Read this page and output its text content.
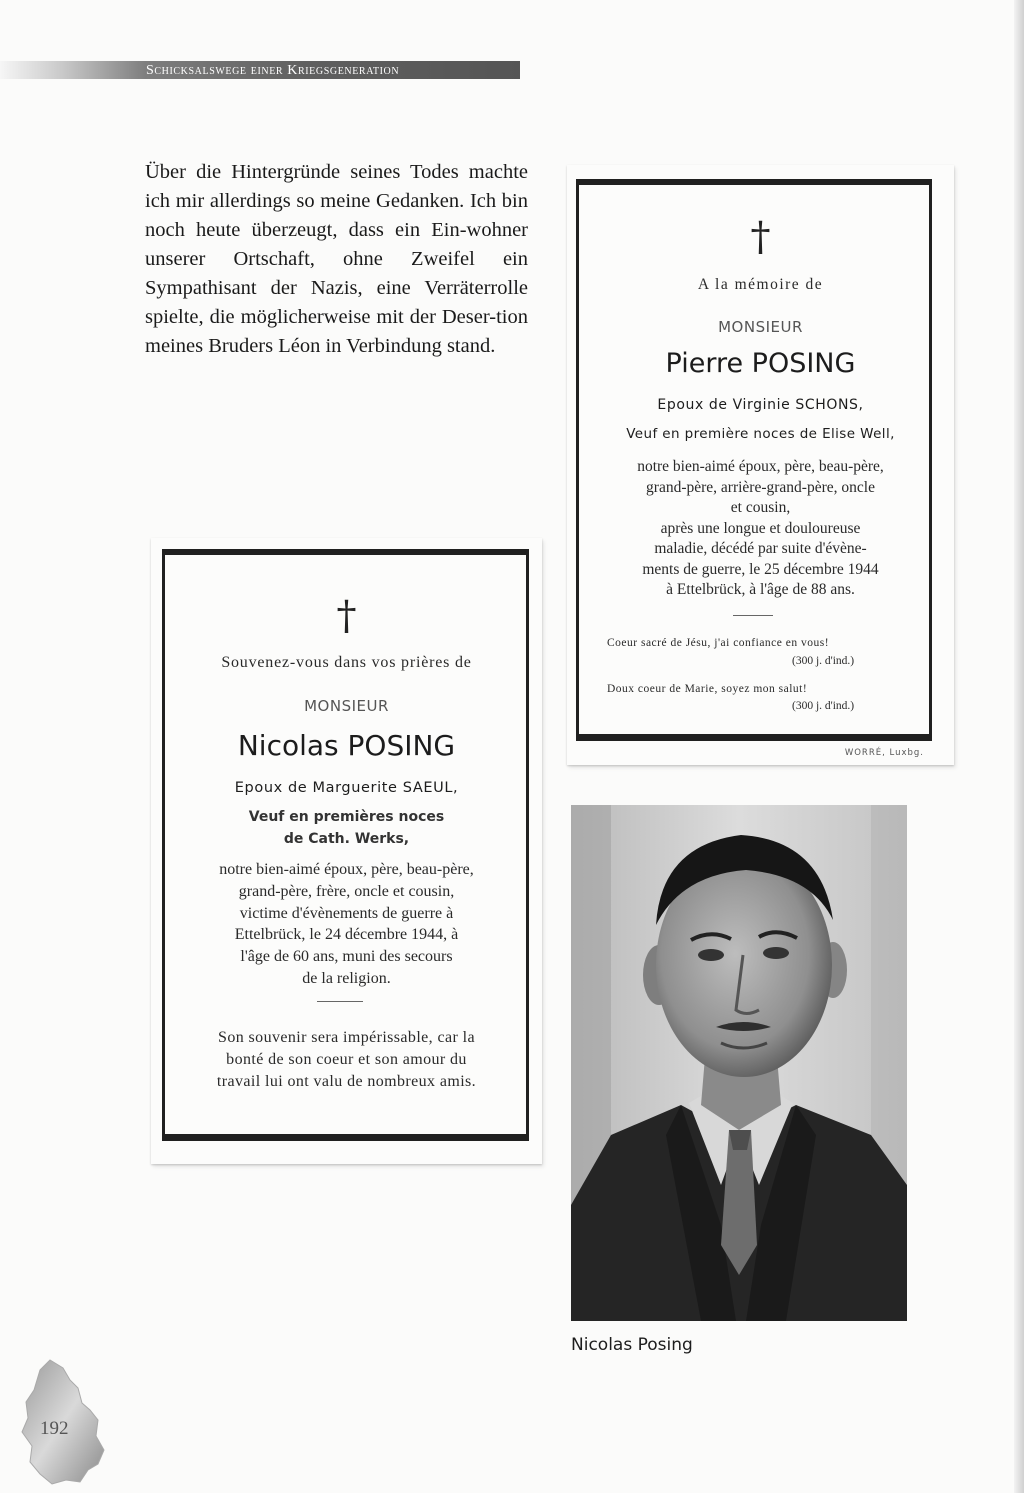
Schicksalswege einer Kriegsgeneration
Über die Hintergründe seines Todes machte ich mir allerdings so meine Gedanken. Ich bin noch heute überzeugt, dass ein Ein-wohner unserer Ortschaft, ohne Zweifel ein Sympathisant der Nazis, eine Verräterrolle spielte, die möglicherweise mit der Deser-tion meines Bruders Léon in Verbindung stand.
†
A la mémoire de
MONSIEUR
Pierre POSING
Epoux de Virginie SCHONS,
Veuf en première noces de Elise Well,
notre bien-aimé époux, père, beau-père,
grand-père, arrière-grand-père, oncle
et cousin,
après une longue et douloureuse
maladie, décédé par suite d'évène-
ments de guerre, le 25 décembre 1944
à Ettelbrück, à l'âge de 88 ans.
Coeur sacré de Jésu, j'ai confiance en vous!
(300 j. d'ind.)
Doux coeur de Marie, soyez mon salut!
(300 j. d'ind.)
WORRÉ, Luxbg.
†
Souvenez-vous dans vos prières de
MONSIEUR
Nicolas POSING
Epoux de Marguerite SAEUL,
Veuf en premières noces
de Cath. Werks,
notre bien-aimé époux, père, beau-père,
grand-père, frère, oncle et cousin,
victime d'évènements de guerre à
Ettelbrück, le 24 décembre 1944, à
l'âge de 60 ans, muni des secours
de la religion.
Son souvenir sera impérissable, car la
bonté de son coeur et son amour du
travail lui ont valu de nombreux amis.
Nicolas Posing
192
